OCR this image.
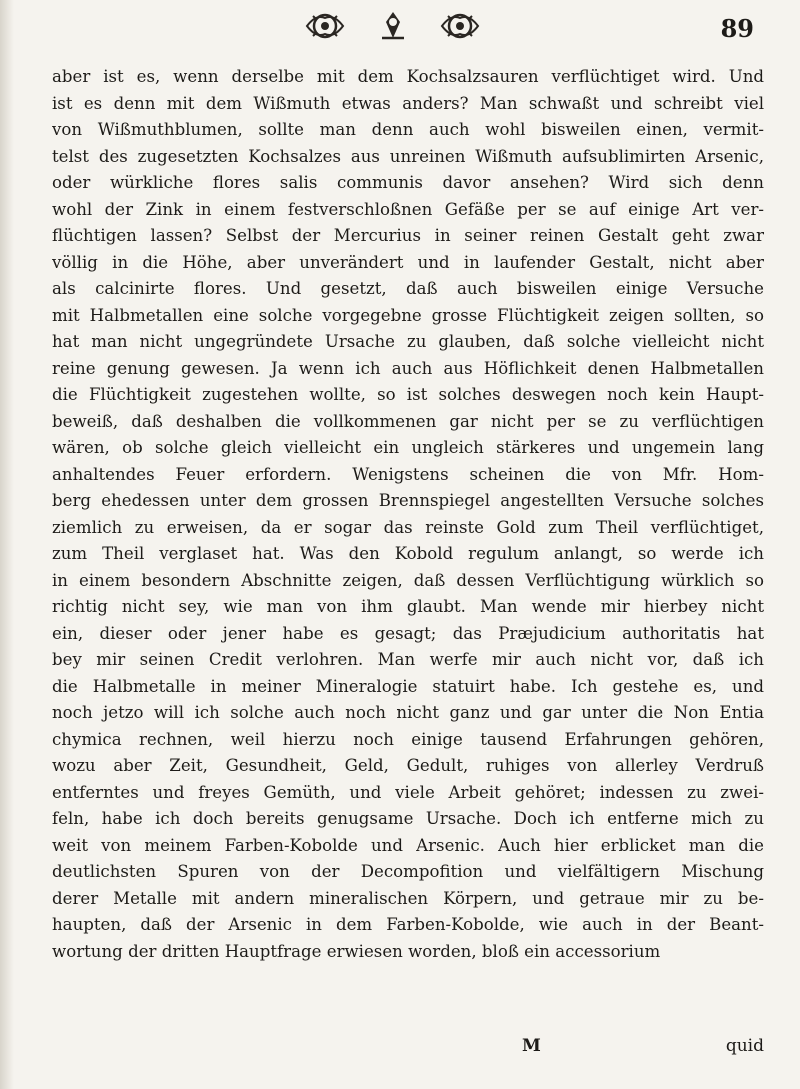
89
aber ist es, wenn derselbe mit dem Kochsalzsauren verflüchtiget wird. Und
ist es denn mit dem Wißmuth etwas anders? Man schwaßt und schreibt viel
von Wißmuthblumen, sollte man denn auch wohl bisweilen einen, vermit-
telst des zugesetzten Kochsalzes aus unreinen Wißmuth aufsublimirten Arsenic,
oder würkliche flores salis communis davor ansehen? Wird sich denn
wohl der Zink in einem festverschloßnen Gefäße per se auf einige Art ver-
flüchtigen lassen? Selbst der Mercurius in seiner reinen Gestalt geht zwar
völlig in die Höhe, aber unverändert und in laufender Gestalt, nicht aber
als calcinirte flores. Und gesetzt, daß auch bisweilen einige Versuche
mit Halbmetallen eine solche vorgegebne grosse Flüchtigkeit zeigen sollten, so
hat man nicht ungegründete Ursache zu glauben, daß solche vielleicht nicht
reine genung gewesen. Ja wenn ich auch aus Höflichkeit denen Halbmetallen
die Flüchtigkeit zugestehen wollte, so ist solches deswegen noch kein Haupt-
beweiß, daß deshalben die vollkommenen gar nicht per se zu verflüchtigen
wären, ob solche gleich vielleicht ein ungleich stärkeres und ungemein lang
anhaltendes Feuer erfordern. Wenigstens scheinen die von Mfr. Hom-
berg ehedessen unter dem grossen Brennspiegel angestellten Versuche solches
ziemlich zu erweisen, da er sogar das reinste Gold zum Theil verflüchtiget,
zum Theil verglaset hat. Was den Kobold regulum anlangt, so werde ich
in einem besondern Abschnitte zeigen, daß dessen Verflüchtigung würklich so
richtig nicht sey, wie man von ihm glaubt. Man wende mir hierbey nicht
ein, dieser oder jener habe es gesagt; das Præjudicium authoritatis hat
bey mir seinen Credit verlohren. Man werfe mir auch nicht vor, daß ich
die Halbmetalle in meiner Mineralogie statuirt habe. Ich gestehe es, und
noch jetzo will ich solche auch noch nicht ganz und gar unter die Non Entia
chymica rechnen, weil hierzu noch einige tausend Erfahrungen gehören,
wozu aber Zeit, Gesundheit, Geld, Gedult, ruhiges von allerley Verdruß
entferntes und freyes Gemüth, und viele Arbeit gehöret; indessen zu zwei-
feln, habe ich doch bereits genugsame Ursache. Doch ich entferne mich zu
weit von meinem Farben-Kobolde und Arsenic. Auch hier erblicket man die
deutlichsten Spuren von der Decompofition und vielfältigern Mischung
derer Metalle mit andern mineralischen Körpern, und getraue mir zu be-
haupten, daß der Arsenic in dem Farben-Kobolde, wie auch in der Beant-
wortung der dritten Hauptfrage erwiesen worden, bloß ein accessorium
M	quid
